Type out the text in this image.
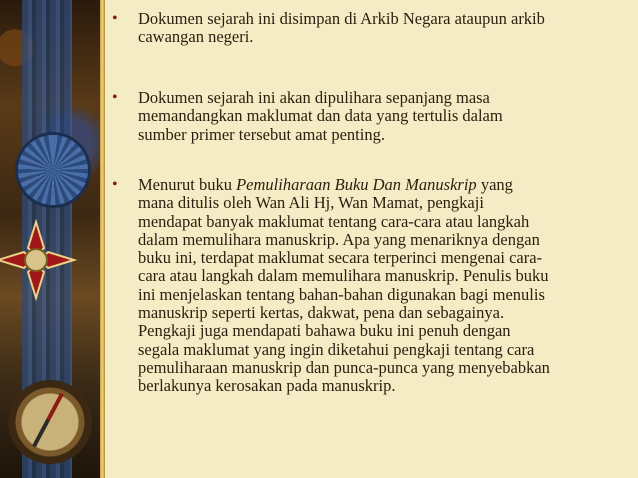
•	Dokumen sejarah ini disimpan di Arkib Negara ataupun arkib
cawangan negeri.
•	Dokumen sejarah ini akan dipulihara sepanjang masa
memandangkan maklumat dan data yang tertulis dalam
sumber primer tersebut amat penting.
•	Menurut buku Pemuliharaan Buku Dan Manuskrip yang
mana ditulis oleh Wan Ali Hj, Wan Mamat, pengkaji
mendapat banyak maklumat tentang cara-cara atau langkah
dalam memulihara manuskrip. Apa yang menariknya dengan
buku ini, terdapat maklumat secara terperinci mengenai cara-
cara atau langkah dalam memulihara manuskrip. Penulis buku
ini menjelaskan tentang bahan-bahan digunakan bagi menulis
manuskrip seperti kertas, dakwat, pena dan sebagainya.
Pengkaji juga mendapati bahawa buku ini penuh dengan
segala maklumat yang ingin diketahui pengkaji tentang cara
pemuliharaan manuskrip dan punca-punca yang menyebabkan
berlakunya kerosakan pada manuskrip.
